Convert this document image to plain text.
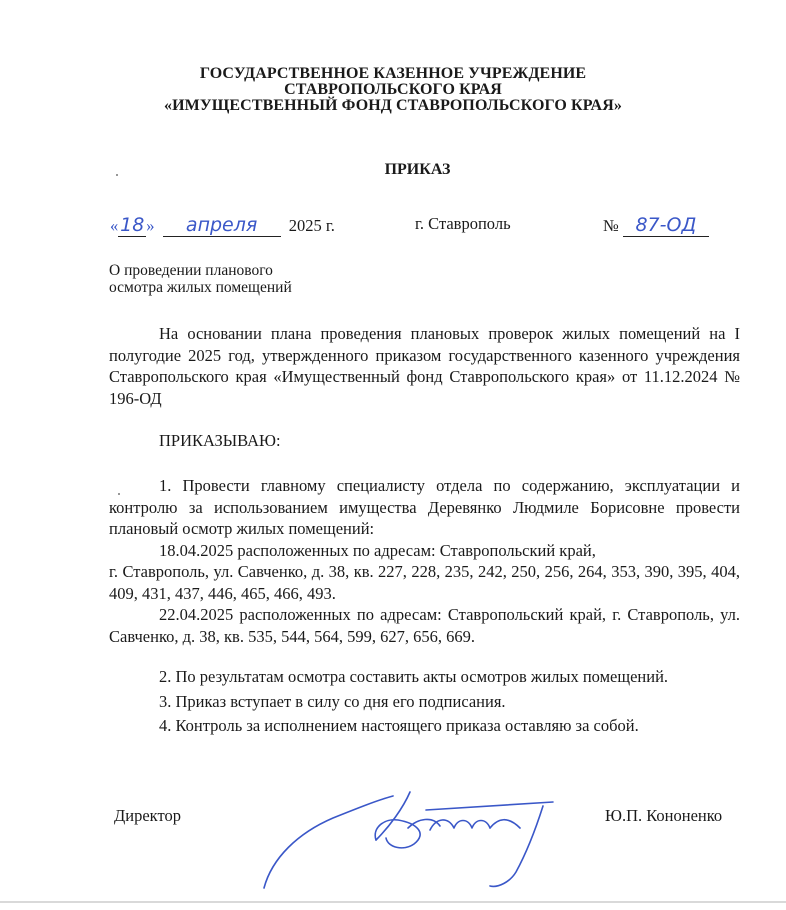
ГОСУДАРСТВЕННОЕ КАЗЕННОЕ УЧРЕЖДЕНИЕ
СТАВРОПОЛЬСКОГО КРАЯ
«ИМУЩЕСТВЕННЫЙ ФОНД СТАВРОПОЛЬСКОГО КРАЯ»
ПРИКАЗ
« 18 » апреля 2025 г.	г. Ставрополь	№ 87-ОД
О проведении планового
осмотра жилых помещений

На основании плана проведения плановых проверок жилых помещений на I полугодие 2025 год, утвержденного приказом государственного казенного учреждения Ставропольского края «Имущественный фонд Ставропольского края» от 11.12.2024 № 196-ОД

ПРИКАЗЫВАЮ:

1. Провести главному специалисту отдела по содержанию, эксплуатации и контролю за использованием имущества Деревянко Людмиле Борисовне провести плановый осмотр жилых помещений:

18.04.2025 расположенных по адресам: Ставропольский край,

г. Ставрополь, ул. Савченко, д. 38, кв. 227, 228, 235, 242, 250, 256, 264, 353, 390, 395, 404, 409, 431, 437, 446, 465, 466, 493.

22.04.2025 расположенных по адресам: Ставропольский край, г. Ставрополь, ул. Савченко, д. 38, кв. 535, 544, 564, 599, 627, 656, 669.

2. По результатам осмотра составить акты осмотров жилых помещений.

3. Приказ вступает в силу со дня его подписания.

4. Контроль за исполнением настоящего приказа оставляю за собой.

Директор	Ю.П. Кононенко
